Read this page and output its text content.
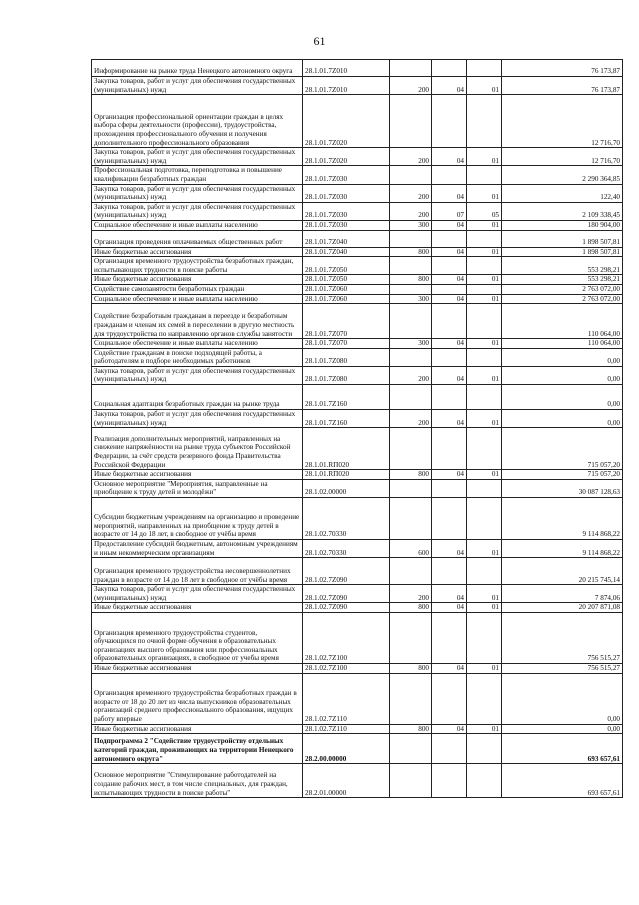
61
Информирование на рынке труда Ненецкого автономного округа	28.1.01.7Z010				76 173,87
Закупка товаров, работ и услуг для обеспечения государственных (муниципальных) нужд	28.1.01.7Z010	200	04	01	76 173,87
Организация профессиональной ориентации граждан в целях выбора сферы деятельности (профессии), трудоустройства, прохождения профессионального обучения и получения дополнительного профессионального образования	28.1.01.7Z020				12 716,70
Закупка товаров, работ и услуг для обеспечения государственных (муниципальных) нужд	28.1.01.7Z020	200	04	01	12 716,70
Профессиональная подготовка, переподготовка и повышение квалификации безработных граждан	28.1.01.7Z030				2 290 364,85
Закупка товаров, работ и услуг для обеспечения государственных (муниципальных) нужд	28.1.01.7Z030	200	04	01	122,40
Закупка товаров, работ и услуг для обеспечения государственных (муниципальных) нужд	28.1.01.7Z030	200	07	05	2 109 338,45
Социальное обеспечение и иные выплаты населению	28.1.01.7Z030	300	04	01	180 904,00
Организация проведения оплачиваемых общественных работ	28.1.01.7Z040				1 898 507,81
Иные бюджетные ассигнования	28.1.01.7Z040	800	04	01	1 898 507,81
Организация временного трудоустройства безработных граждан, испытывающих трудности в поиске работы	28.1.01.7Z050				553 298,21
Иные бюджетные ассигнования	28.1.01.7Z050	800	04	01	553 298,21
Содействие самозанятости безработных граждан	28.1.01.7Z060				2 763 072,00
Социальное обеспечение и иные выплаты населению	28.1.01.7Z060	300	04	01	2 763 072,00
Содействие безработным гражданам в переезде и безработным гражданам и членам их семей в переселении в другую местность для трудоустройства по направлению органов службы занятости	28.1.01.7Z070				110 064,00
Социальное обеспечение и иные выплаты населению	28.1.01.7Z070	300	04	01	110 064,00
Содействие гражданам в поиске подходящей работы, а работодателям в подборе необходимых работников	28.1.01.7Z080				0,00
Закупка товаров, работ и услуг для обеспечения государственных (муниципальных) нужд	28.1.01.7Z080	200	04	01	0,00
Социальная адаптация безработных граждан на рынке труда	28.1.01.7Z160				0,00
Закупка товаров, работ и услуг для обеспечения государственных (муниципальных) нужд	28.1.01.7Z160	200	04	01	0,00
Реализация дополнительных мероприятий, направленных на снижение напряжённости на рынке труда субъектов Российской Федерации, за счёт средств резервного фонда Правительства Российской Федерации	28.1.01.RП020				715 057,20
Иные бюджетные ассигнования	28.1.01.RП020	800	04	01	715 057,20
Основное мероприятие "Мероприятия, направленные на приобщение к труду детей и молодёжи"	28.1.02.00000				30 087 128,63
Субсидии бюджетным учреждениям на организацию и проведение мероприятий, направленных на приобщение к труду детей в возрасте от 14 до 18 лет, в свободное от учёбы время	28.1.02.70330				9 114 868,22
Предоставление субсидий бюджетным, автономным учреждениям и иным некоммерческим организациям	28.1.02.70330	600	04	01	9 114 868,22
Организация временного трудоустройства несовершеннолетних граждан в возрасте от 14 до 18 лет в свободное от учёбы время	28.1.02.7Z090				20 215 745,14
Закупка товаров, работ и услуг для обеспечения государственных (муниципальных) нужд	28.1.02.7Z090	200	04	01	7 874,06
Иные бюджетные ассигнования	28.1.02.7Z090	800	04	01	20 207 871,08
Организация временного трудоустройства студентов, обучающихся по очной форме обучения в образовательных организациях высшего образования или профессиональных образовательных организациях, в свободное от учебы время	28.1.02.7Z100				756 515,27
Иные бюджетные ассигнования	28.1.02.7Z100	800	04	01	756 515,27
Организация временного трудоустройства безработных граждан в возрасте от 18 до 20 лет из числа выпускников образовательных организаций среднего профессионального образования, ищущих работу впервые	28.1.02.7Z110				0,00
Иные бюджетные ассигнования	28.1.02.7Z110	800	04	01	0,00
Подпрограмма 2 "Содействие трудоустройству отдельных категорий граждан, проживающих на территории Ненецкого автономного округа"	28.2.00.00000				693 657,61
Основное мероприятие "Стимулирование работодателей на создание рабочих мест, в том числе специальных, для граждан, испытывающих трудности в поиске работы"	28.2.01.00000				693 657,61
